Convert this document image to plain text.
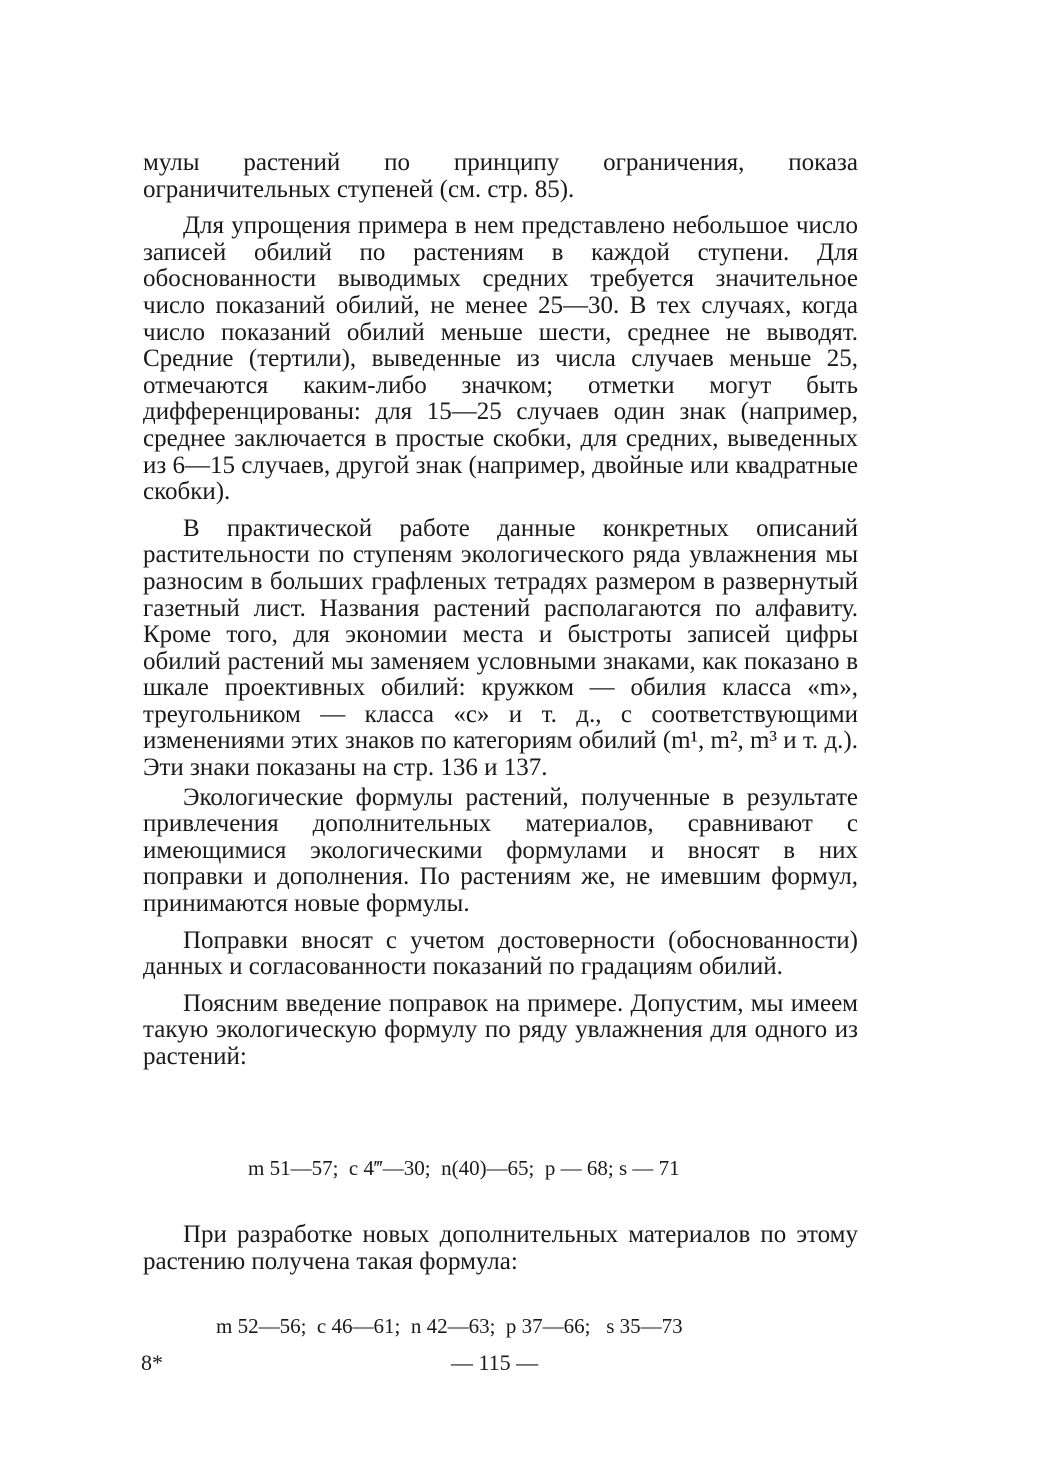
мулы растений по принципу ограничения, показа ограничительных ступеней (см. стр. 85).

Для упрощения примера в нем представлено небольшое число записей обилий по растениям в каждой ступени. Для обоснованности выводимых средних требуется значительное число показаний обилий, не менее 25—30. В тех случаях, когда число показаний обилий меньше шести, среднее не выводят. Средние (тертили), выведенные из числа случаев меньше 25, отмечаются каким-либо значком; отметки могут быть дифференцированы: для 15—25 случаев один знак (например, среднее заключается в простые скобки, для средних, выведенных из 6—15 случаев, другой знак (например, двойные или квадратные скобки).

В практической работе данные конкретных описаний растительности по ступеням экологического ряда увлажнения мы разносим в больших графленых тетрадях размером в развернутый газетный лист. Названия растений располагаются по алфавиту. Кроме того, для экономии места и быстроты записей цифры обилий растений мы заменяем условными знаками, как показано в шкале проективных обилий: кружком — обилия класса «m», треугольником — класса «c» и т. д., с соответствующими изменениями этих знаков по категориям обилий (m¹, m², m³ и т. д.). Эти знаки показаны на стр. 136 и 137.

Экологические формулы растений, полученные в результате привлечения дополнительных материалов, сравнивают с имеющимися экологическими формулами и вносят в них поправки и дополнения. По растениям же, не имевшим формул, принимаются новые формулы.

Поправки вносят с учетом достоверности (обоснованности) данных и согласованности показаний по градациям обилий.

Поясним введение поправок на примере. Допустим, мы имеем такую экологическую формулу по ряду увлажнения для одного из растений:

m 51—57;  c 4‴—30;  n(40)—65;  p — 68; s — 71

При разработке новых дополнительных материалов по этому растению получена такая формула:

m 52—56;  c 46—61;  n 42—63;  p 37—66;   s 35—73
8*	— 115 —
